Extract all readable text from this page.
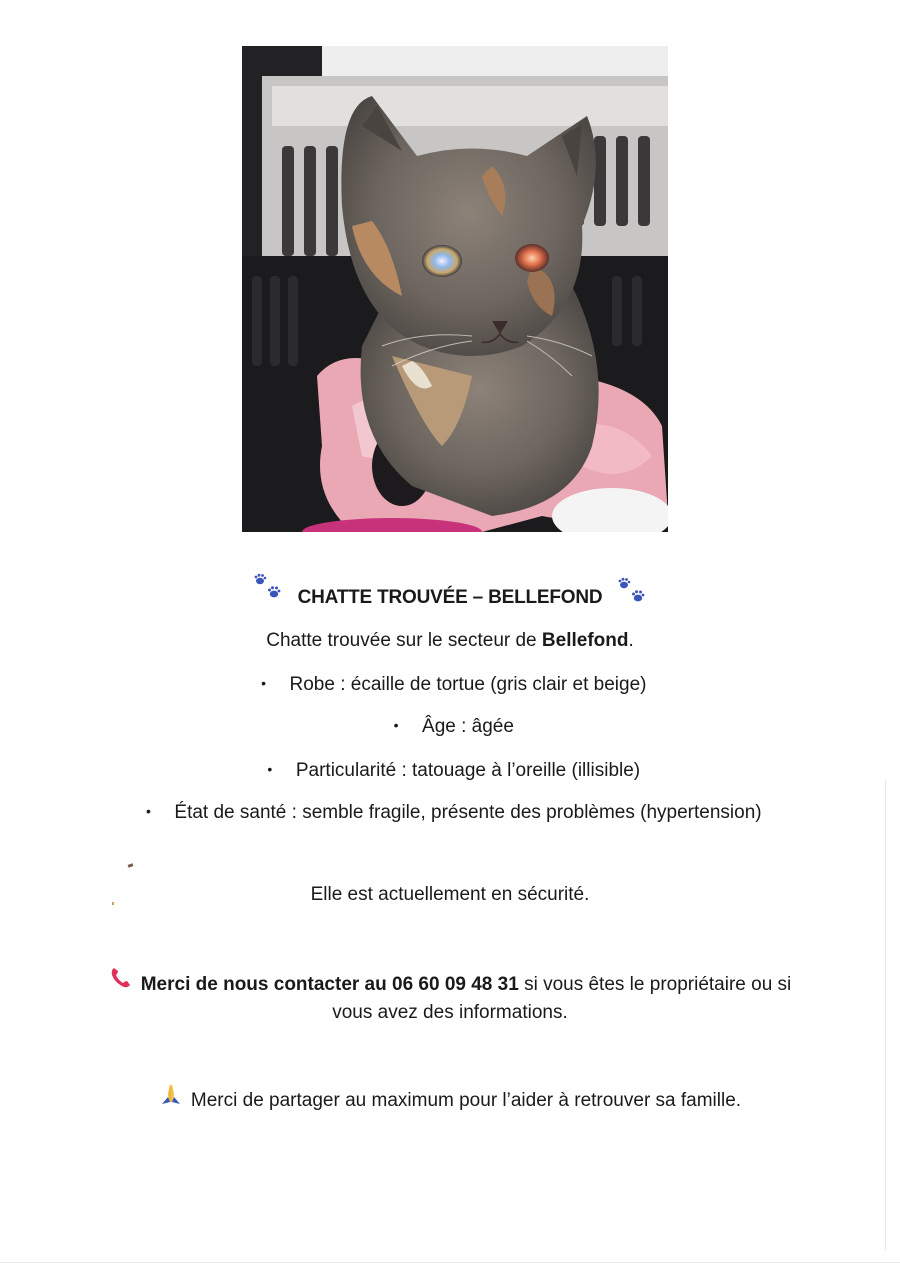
CHATTE TROUVÉE – BELLEFOND
Chatte trouvée sur le secteur de Bellefond.
• Robe : écaille de tortue (gris clair et beige)
• Âge : âgée
• Particularité : tatouage à l’oreille (illisible)
• État de santé : semble fragile, présente des problèmes (hypertension)
Elle est actuellement en sécurité.
Merci de nous contacter au 06 60 09 48 31 si vous êtes le propriétaire ou si
vous avez des informations.
Merci de partager au maximum pour l’aider à retrouver sa famille.
